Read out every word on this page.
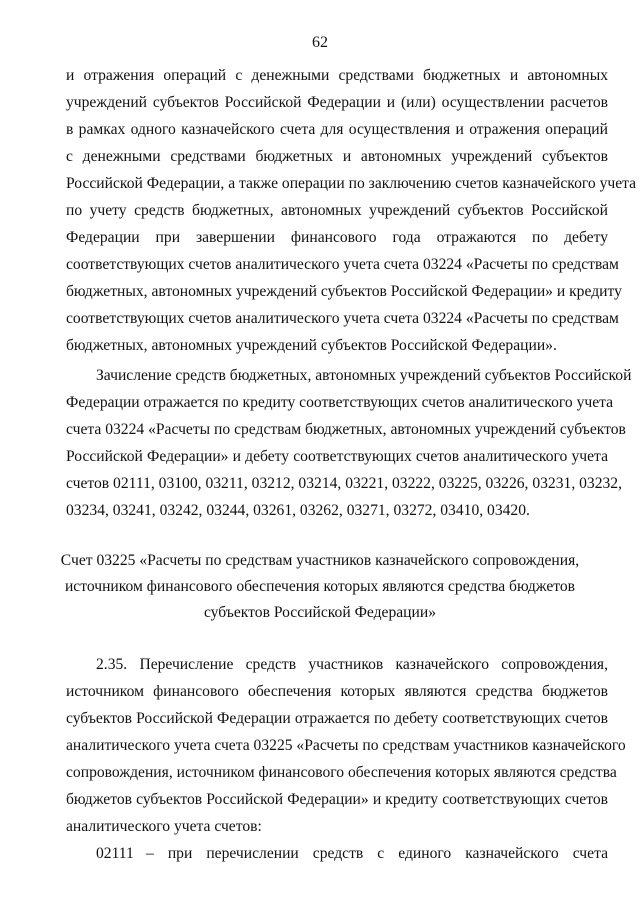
62
и отражения операций с денежными средствами бюджетных и автономных
учреждений субъектов Российской Федерации и (или) осуществлении расчетов
в рамках одного казначейского счета для осуществления и отражения операций
с денежными средствами бюджетных и автономных учреждений субъектов
Российской Федерации, а также операции по заключению счетов казначейского учета
по учету средств бюджетных, автономных учреждений субъектов Российской
Федерации при завершении финансового года отражаются по дебету
соответствующих счетов аналитического учета счета 03224 «Расчеты по средствам
бюджетных, автономных учреждений субъектов Российской Федерации» и кредиту
соответствующих счетов аналитического учета счета 03224 «Расчеты по средствам
бюджетных, автономных учреждений субъектов Российской Федерации».
Зачисление средств бюджетных, автономных учреждений субъектов Российской
Федерации отражается по кредиту соответствующих счетов аналитического учета
счета 03224 «Расчеты по средствам бюджетных, автономных учреждений субъектов
Российской Федерации» и дебету соответствующих счетов аналитического учета
счетов 02111, 03100, 03211, 03212, 03214, 03221, 03222, 03225, 03226, 03231, 03232,
03234, 03241, 03242, 03244, 03261, 03262, 03271, 03272, 03410, 03420.
Счет 03225 «Расчеты по средствам участников казначейского сопровождения,
источником финансового обеспечения которых являются средства бюджетов
субъектов Российской Федерации»
2.35. Перечисление средств участников казначейского сопровождения,
источником финансового обеспечения которых являются средства бюджетов
субъектов Российской Федерации отражается по дебету соответствующих счетов
аналитического учета счета 03225 «Расчеты по средствам участников казначейского
сопровождения, источником финансового обеспечения которых являются средства
бюджетов субъектов Российской Федерации» и кредиту соответствующих счетов
аналитического учета счетов:
02111 – при перечислении средств с единого казначейского счета
